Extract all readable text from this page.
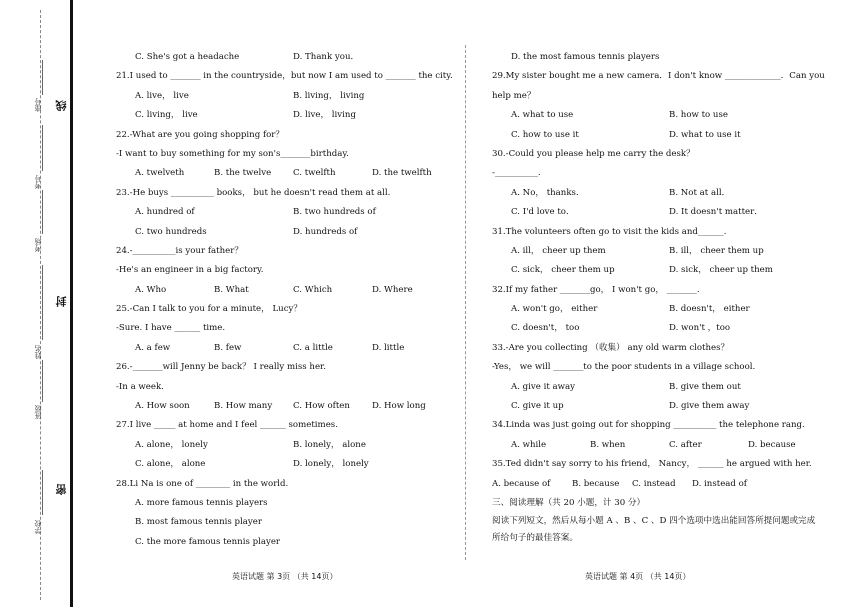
学校
班级
姓名
考场
考号
座号
密
封
线
C. She's got a headache	D. Thank you．
21.I used to _______ in the countryside，but now I am used to _______ the city.
A. live， live	B. living， living
C. living， live	D. live， living
22.-What are you going shopping for？
-I want to buy something for my son's_______birthday.
A. twelveth	B. the twelve	C. twelfth	D. the twelfth
23.-He buys __________ books， but he doesn't read them at all.
A. hundred of	B. two hundreds of
C. two hundreds	D. hundreds of
24.-__________is your father？
-He's an engineer in a big factory.
A. Who	B. What	C. Which	D. Where
25.-Can I talk to you for a minute， Lucy？
-Sure. I have ______ time.
A. a few	B. few	C. a little	D. little
26.-_______will Jenny be back？ I really miss her.
-In a week.
A. How soon	B. How many C. How often	D. How long
27.I live _____ at home and I feel ______ sometimes.
A. alone， lonely	B. lonely， alone
C. alone， alone	D. lonely， lonely
28.Li Na is one of ________ in the world.
A. more famous tennis players
B. most famous tennis player
C. the more famous tennis player
D. the most famous tennis players
29.My sister bought me a new camera．I don't know _____________．Can you
help me？
A. what to use	B. how to use
C. how to use it	D. what to use it
30.-Could you please help me carry the desk？
-__________.
A. No， thanks．	B. Not at all．
C. I'd love to．	D. It doesn't matter．
31.The volunteers often go to visit the kids and______.
A. ill， cheer up them	B. ill， cheer them up
C. sick， cheer them up	D. sick， cheer up them
32.If my father _______go， I won't go， _______.
A. won't go， either	B. doesn't， either
C. doesn't， too	D. won't ，too
33.-Are you collecting （收集） any old warm clothes？
-Yes， we will _______to the poor students in a village school.
A. give it away	B. give them out
C. give it up	D. give them away
34.Linda was just going out for shopping __________ the telephone rang.
A. while	B. when	C. after	D. because
35.Ted didn't say sorry to his friend， Nancy， ______ he argued with her.
A. because of	B. because C. instead D. instead of
三、阅读理解（共 20 小题，计 30 分）
阅读下列短文，然后从每小题 A 、B 、C 、D 四个选项中选出能回答所提问题或完成所给句子的最佳答案。
英语试题 第 3页 （共 14页）	英语试题 第 4页 （共 14页）
